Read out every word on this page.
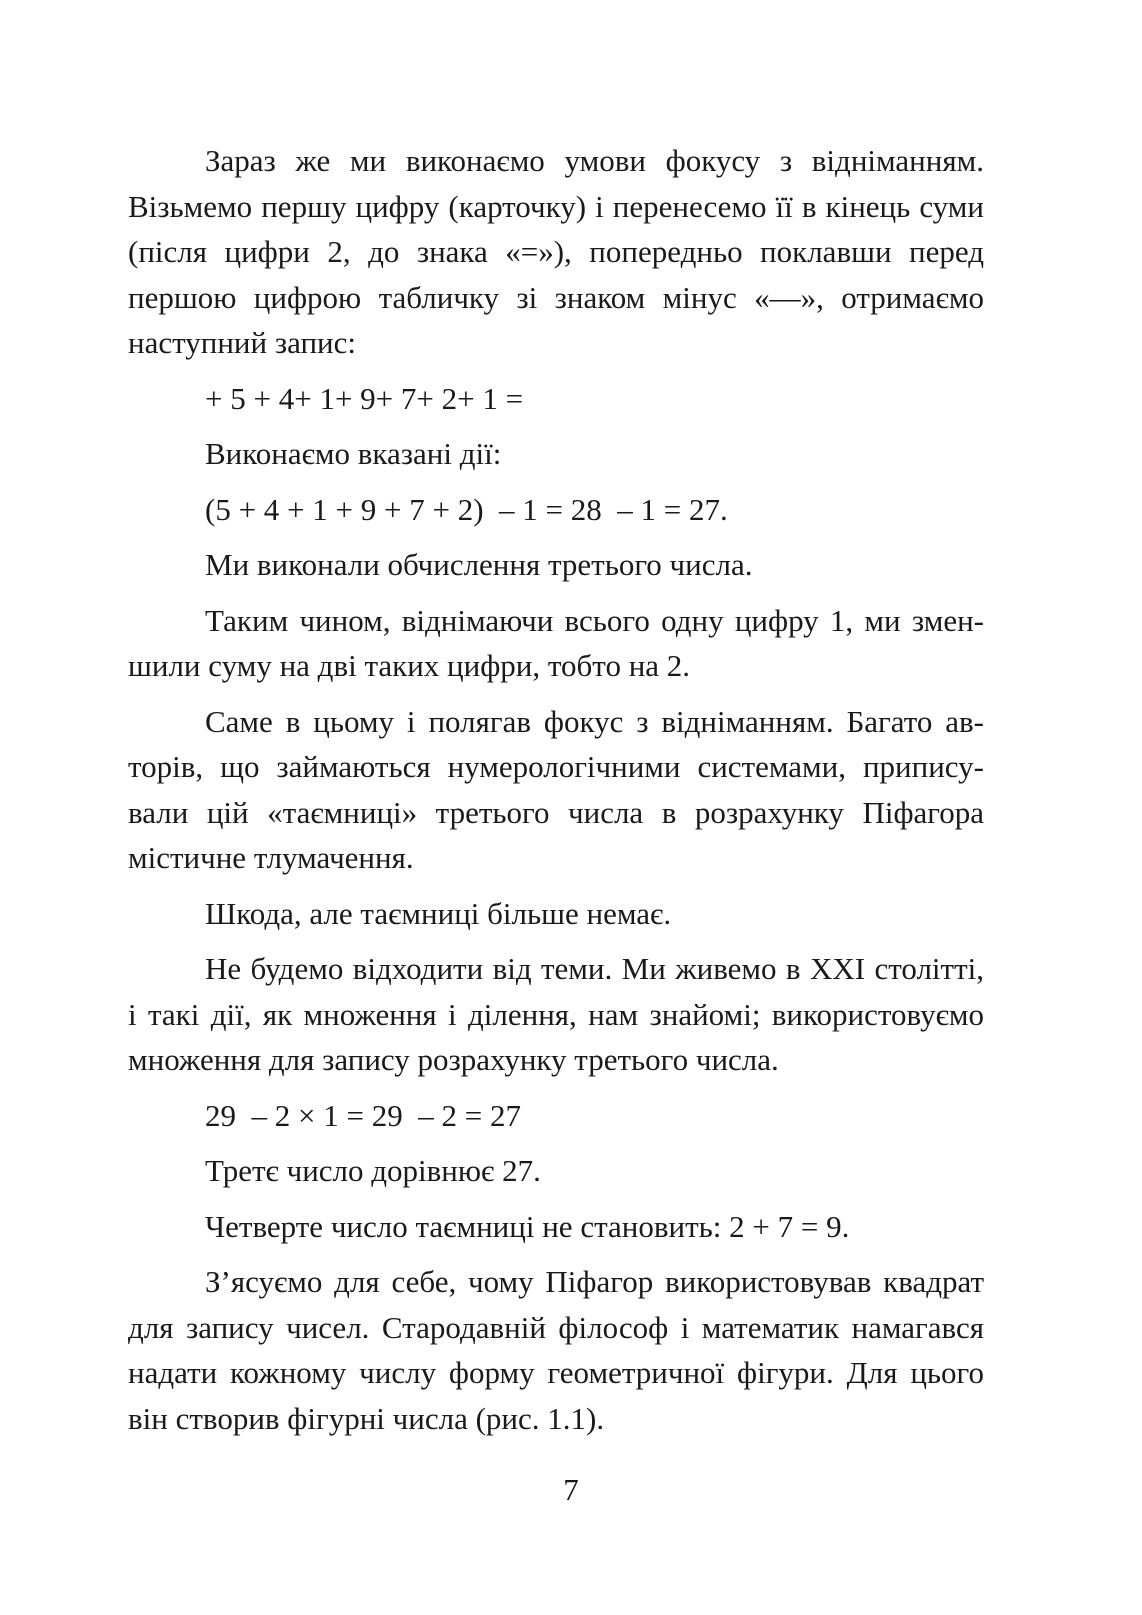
Зараз же ми виконаємо умови фокусу з відніманням. Візьмемо першу цифру (карточку) і перенесемо її в кінець суми (після цифри 2, до знака «=»), попередньо поклавши перед першою цифрою табличку зі знаком мінус «—», отримаємо наступний запис:

+ 5 + 4+ 1+ 9+ 7+ 2+ 1 =

Виконаємо вказані дії:

(5 + 4 + 1 + 9 + 7 + 2)  – 1 = 28  – 1 = 27.

Ми виконали обчислення третього числа.

Таким чином, віднімаючи всього одну цифру 1, ми зменшили суму на дві таких цифри, тобто на 2.

Саме в цьому і полягав фокус з відніманням. Багато авторів, що займаються нумерологічними системами, приписували цій «таємниці» третього числа в розрахунку Піфагора містичне тлумачення.

Шкода, але таємниці більше немає.

Не будемо відходити від теми. Ми живемо в ХХІ столітті, і такі дії, як множення і ділення, нам знайомі; використовуємо множення для запису розрахунку третього числа.

29  – 2 × 1 = 29  – 2 = 27

Третє число дорівнює 27.

Четверте число таємниці не становить: 2 + 7 = 9.

З’ясуємо для себе, чому Піфагор використовував квадрат для запису чисел. Стародавній філософ і математик намагався надати кожному числу форму геометричної фігури. Для цього він створив фігурні числа (рис. 1.1).

7
